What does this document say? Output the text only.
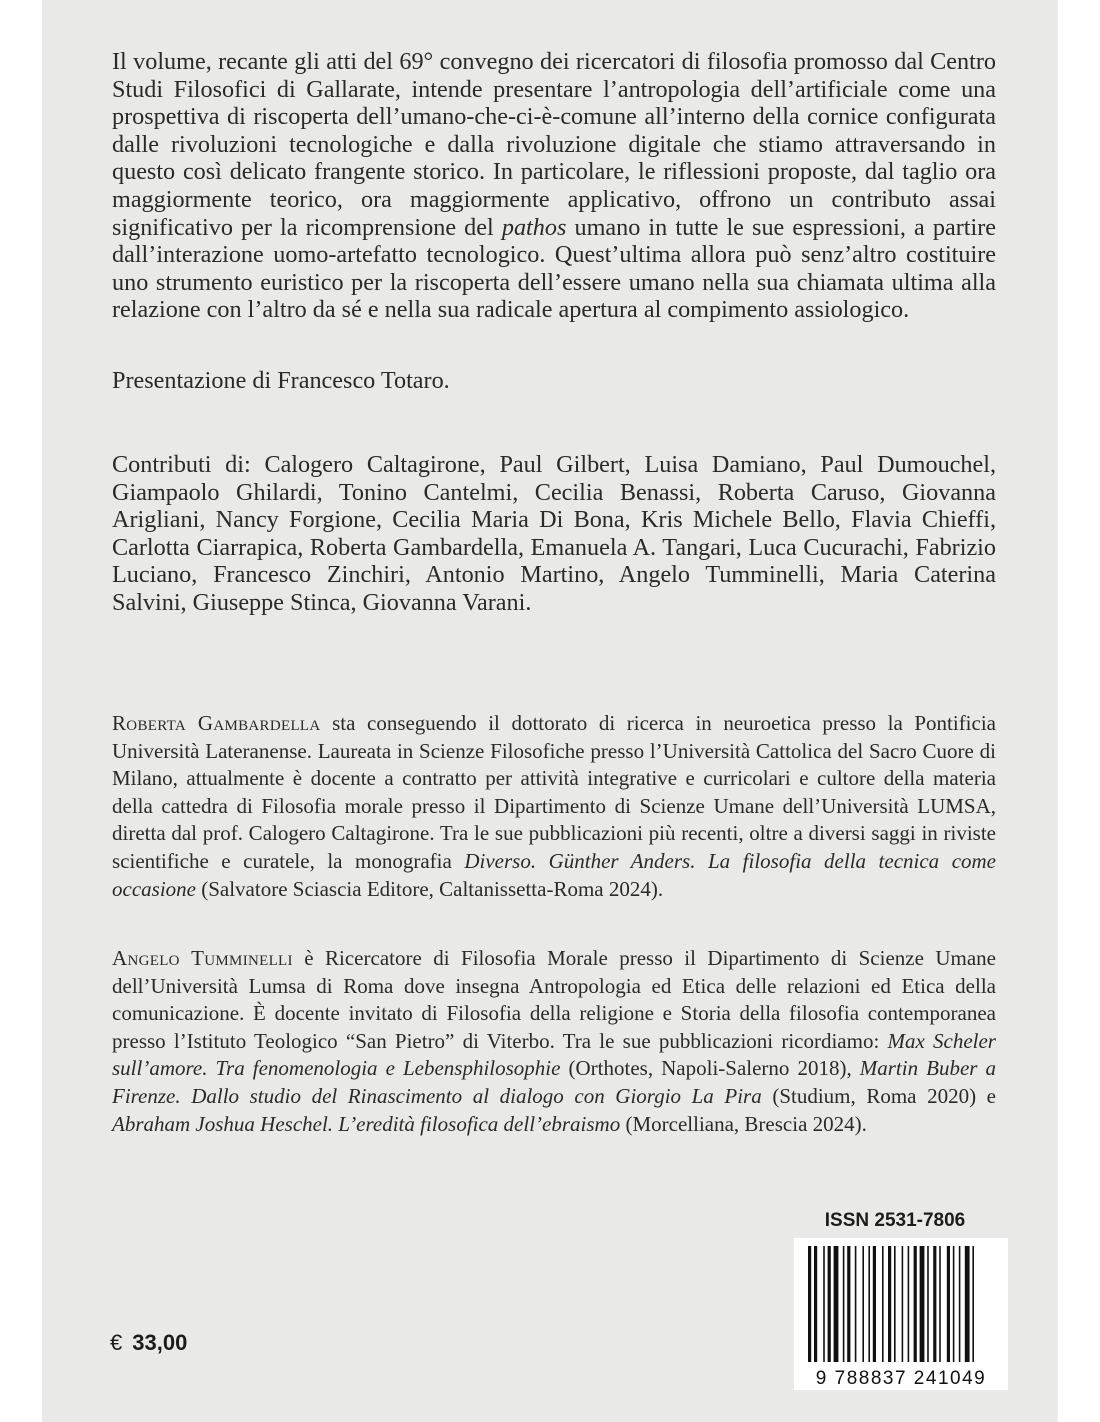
Il volume, recante gli atti del 69° convegno dei ricercatori di filosofia promosso dal Centro Studi Filosofici di Gallarate, intende presentare l’antropologia dell’artificiale come una prospettiva di riscoperta dell’umano-che-ci-è-comune all’interno della cornice configurata dalle rivoluzioni tecnologiche e dalla rivoluzione digitale che stiamo attraversando in questo così delicato frangente storico. In particolare, le riflessioni proposte, dal taglio ora maggiormente teorico, ora maggiormente applicativo, offrono un contributo assai significativo per la ricomprensione del pathos umano in tutte le sue espressioni, a partire dall’interazione uomo-artefatto tecnologico. Quest’ultima allora può senz’altro costituire uno strumento euristico per la riscoperta dell’essere umano nella sua chiamata ultima alla relazione con l’altro da sé e nella sua radicale apertura al compimento assiologico.

Presentazione di Francesco Totaro.

Contributi di: Calogero Caltagirone, Paul Gilbert, Luisa Damiano, Paul Dumouchel, Giampaolo Ghilardi, Tonino Cantelmi, Cecilia Benassi, Roberta Caruso, Giovanna Arigliani, Nancy Forgione, Cecilia Maria Di Bona, Kris Michele Bello, Flavia Chieffi, Carlotta Ciarrapica, Roberta Gambardella, Emanuela A. Tangari, Luca Cucurachi, Fabrizio Luciano, Francesco Zinchiri, Antonio Martino, Angelo Tumminelli, Maria Caterina Salvini, Giuseppe Stinca, Giovanna Varani.

Roberta Gambardella sta conseguendo il dottorato di ricerca in neuroetica presso la Pontificia Università Lateranense. Laureata in Scienze Filosofiche presso l’Università Cattolica del Sacro Cuore di Milano, attualmente è docente a contratto per attività integrative e curricolari e cultore della materia della cattedra di Filosofia morale presso il Dipartimento di Scienze Umane dell’Università LUMSA, diretta dal prof. Calogero Caltagirone. Tra le sue pubblicazioni più recenti, oltre a diversi saggi in riviste scientifiche e curatele, la monografia Diverso. Günther Anders. La filosofia della tecnica come occasione (Salvatore Sciascia Editore, Caltanissetta-Roma 2024).

Angelo Tumminelli è Ricercatore di Filosofia Morale presso il Dipartimento di Scienze Umane dell’Università Lumsa di Roma dove insegna Antropologia ed Etica delle relazioni ed Etica della comunicazione. È docente invitato di Filosofia della religione e Storia della filosofia contemporanea presso l’Istituto Teologico “San Pietro” di Viterbo. Tra le sue pubblicazioni ricordiamo: Max Scheler sull’amore. Tra fenomenologia e Lebensphilosophie (Orthotes, Napoli-Salerno 2018), Martin Buber a Firenze. Dallo studio del Rinascimento al dialogo con Giorgio La Pira (Studium, Roma 2020) e Abraham Joshua Heschel. L’eredità filosofica dell’ebraismo (Morcelliana, Brescia 2024).

ISSN 2531-7806
9 788837 241049
€ 33,00
